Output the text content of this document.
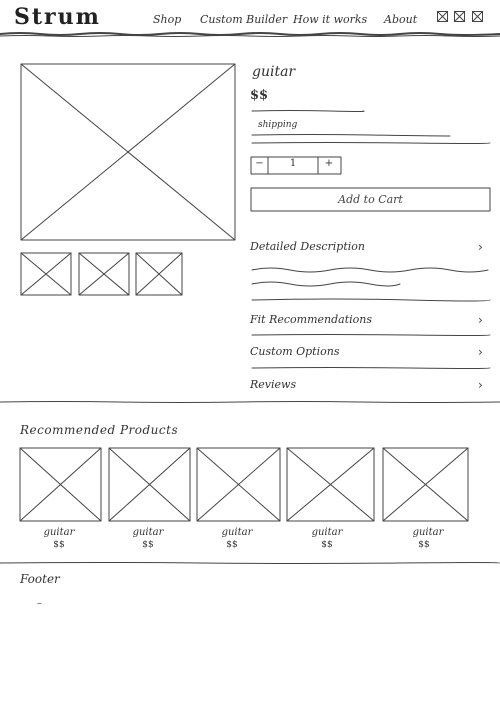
Strum	Shop Custom Builder How it works About
guitar
$$
shipping
−	1	+
Add to Cart
Detailed Description	›
Fit Recommendations	›
Custom Options	›
Reviews	›
Recommended Products
guitar
$$
guitar
$$
guitar
$$
guitar
$$
guitar
$$
Footer
–
